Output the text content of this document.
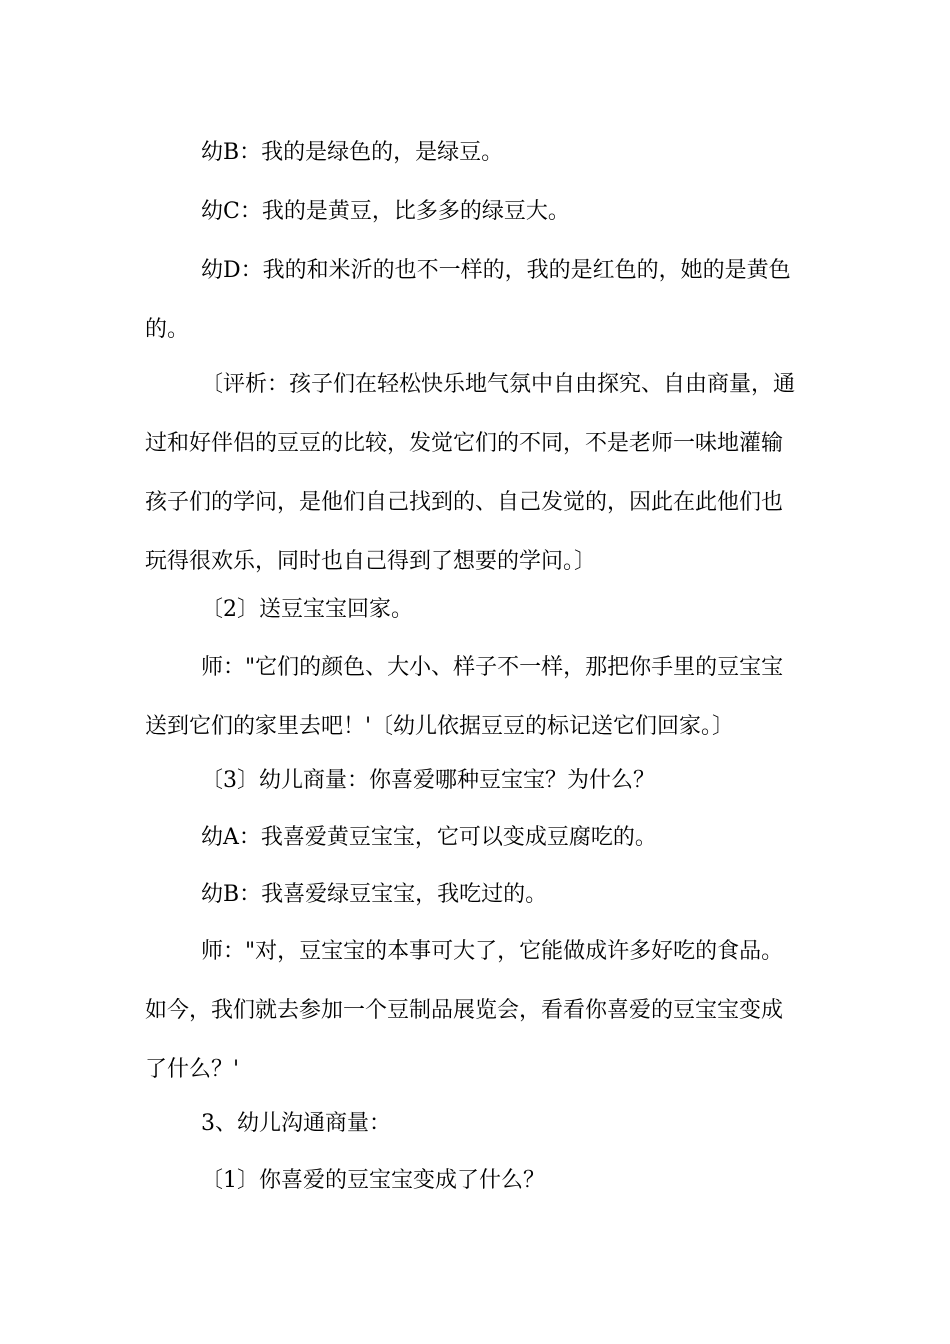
幼B：我的是绿色的，是绿豆。
幼C：我的是黄豆，比多多的绿豆大。
幼D：我的和米沂的也不一样的，我的是红色的，她的是黄色
的。
〔评析：孩子们在轻松快乐地气氛中自由探究、自由商量，通
过和好伴侣的豆豆的比较，发觉它们的不同，不是老师一味地灌输
孩子们的学问，是他们自己找到的、自己发觉的，因此在此他们也
玩得很欢乐，同时也自己得到了想要的学问。〕
〔2〕送豆宝宝回家。
师："它们的颜色、大小、样子不一样，那把你手里的豆宝宝
送到它们的家里去吧！'〔幼儿依据豆豆的标记送它们回家。〕
〔3〕幼儿商量：你喜爱哪种豆宝宝？为什么？
幼A：我喜爱黄豆宝宝，它可以变成豆腐吃的。
幼B：我喜爱绿豆宝宝，我吃过的。
师："对，豆宝宝的本事可大了，它能做成许多好吃的食品。
如今，我们就去参加一个豆制品展览会，看看你喜爱的豆宝宝变成
了什么？'
3、幼儿沟通商量：
〔1〕你喜爱的豆宝宝变成了什么？
